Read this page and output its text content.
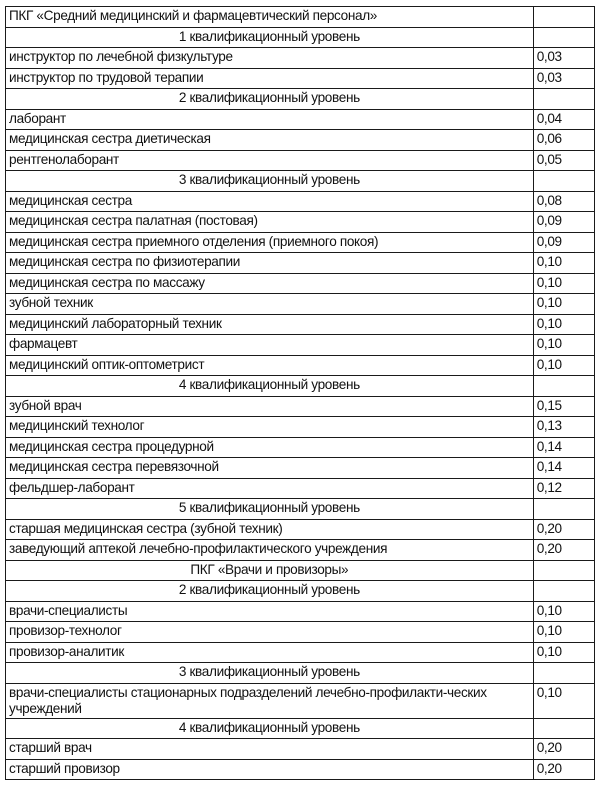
ПКГ «Средний медицинский и фармацевтический персонал»	
1 квалификационный уровень	
инструктор по лечебной физкультуре	0,03
инструктор по трудовой терапии	0,03
2 квалификационный уровень	
лаборант	0,04
медицинская сестра диетическая	0,06
рентгенолаборант	0,05
3 квалификационный уровень	
медицинская сестра	0,08
медицинская сестра палатная (постовая)	0,09
медицинская сестра приемного отделения (приемного покоя)	0,09
медицинская сестра по физиотерапии	0,10
медицинская сестра по массажу	0,10
зубной техник	0,10
медицинский лабораторный техник	0,10
фармацевт	0,10
медицинский оптик-оптометрист	0,10
4 квалификационный уровень	
зубной врач	0,15
медицинский технолог	0,13
медицинская сестра процедурной	0,14
медицинская сестра перевязочной	0,14
фельдшер-лаборант	0,12
5 квалификационный уровень	
старшая медицинская сестра (зубной техник)	0,20
заведующий аптекой лечебно-профилактического учреждения	0,20
ПКГ «Врачи и провизоры»	
2 квалификационный уровень	
врачи-специалисты	0,10
провизор-технолог	0,10
провизор-аналитик	0,10
3 квалификационный уровень	
врачи-специалисты стационарных подразделений лечебно-профилакти-ческих учреждений	0,10
4 квалификационный уровень	
старший врач	0,20
старший провизор	0,20
